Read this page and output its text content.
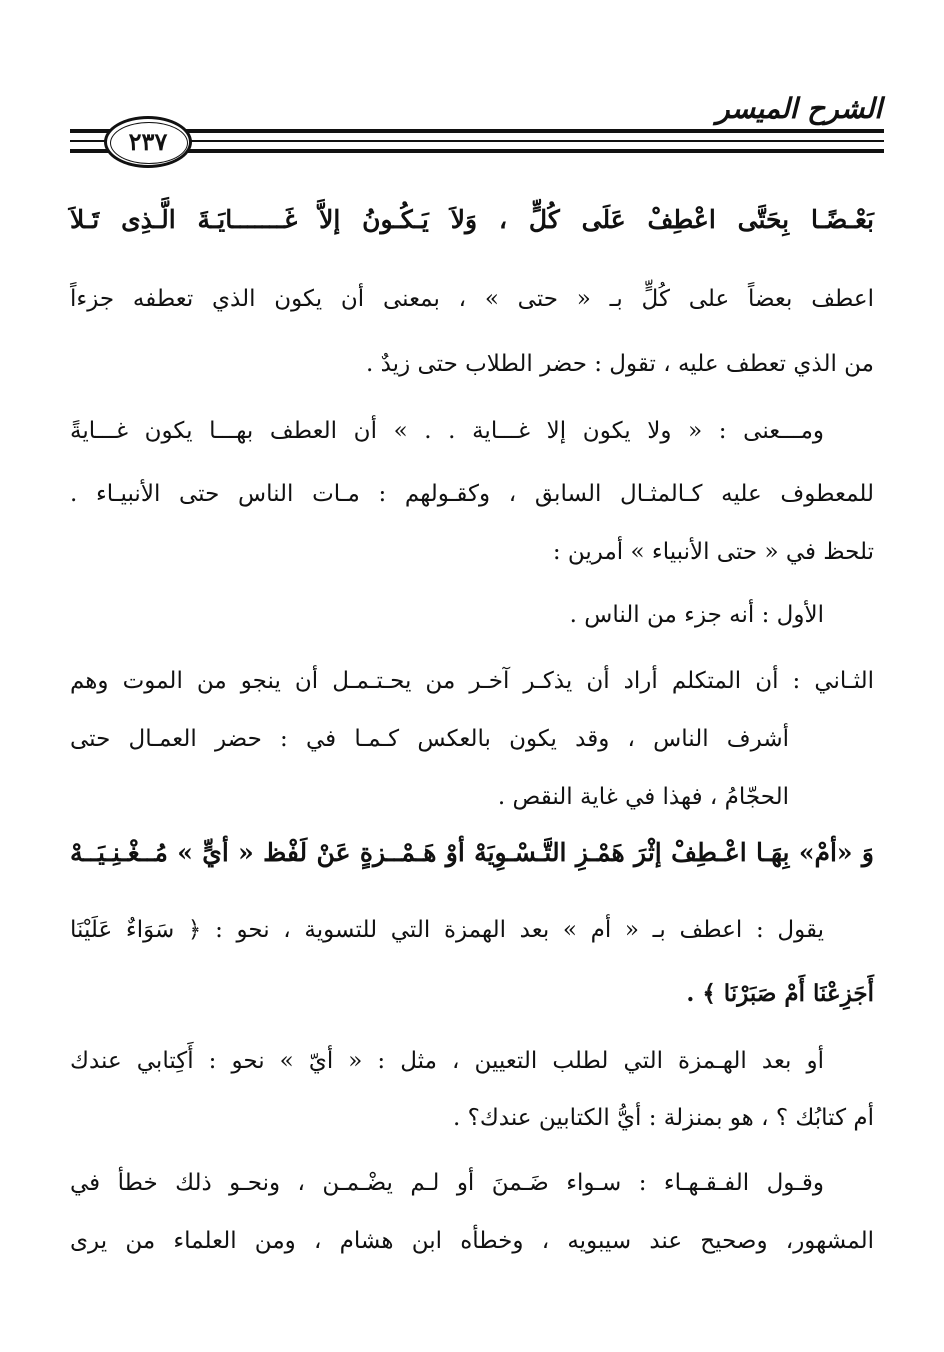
الشرح الميسر
٢٣٧
بَعْـضًـا بِحَتَّى اعْطِفْ عَلَى كُلٍّ ، وَلاَ يَـكُـونُ إلاَّ غَـــــــايَـةَ الَّـذِى تَـلاَ
اعطف بعضاً على كُلٍّ بـ « حتى » ، بمعنى أن يكون الذي تعطفه جزءاً
من الذي تعطف عليه ، تقول : حضر الطلاب حتى زيدٌ .
ومـــعنى : « ولا يكون إلا غـــاية . . » أن العطف بهـــا يكون غـــايةً
للمعطوف عليه كـالمثـال السابق ، وكقـولهم : مـات الناس حتى الأنبيـاء .
تلحظ في « حتى الأنبياء » أمرين :
الأول : أنه جزء من الناس .
الثـاني : أن المتكلم أراد أن يذكـر آخـر من يحـتـمـل أن ينجو من الموت وهم
أشرف الناس ، وقد يكون بالعكس كـمـا في : حضر العمـال حتى
الحجّامُ ، فهذا في غاية النقص .
وَ «أمْ» بِهَـا اعْـطِفْ إثْرَ هَمْـزِ التَّـسْـوِيَهْ أوْ هَـمْــزةٍ عَنْ لَفْظ « أيٍّ » مُــغْـنِـيَــهْ
يقول : اعطف بـ « أم » بعد الهمزة التي للتسوية ، نحو : ﴿ سَوَاءٌ عَلَيْنَا
أَجَزِعْنَا أَمْ صَبَرْنَا ﴾ .
أو بعد الهـمزة التي لطلب التعيين ، مثل : « أيّ » نحو : أَكِتابي عندك
أم كتابُك ؟ ، هو بمنزلة : أيُّ الكتابين عندك؟ .
وقـول الفـقـهـاء : سـواء ضَـمنَ أو لـم يضْـمـن ، ونحـو ذلك خطأ في
المشهور، وصحيح عند سيبويه ، وخطأه ابن هشام ، ومن العلماء من يرى
